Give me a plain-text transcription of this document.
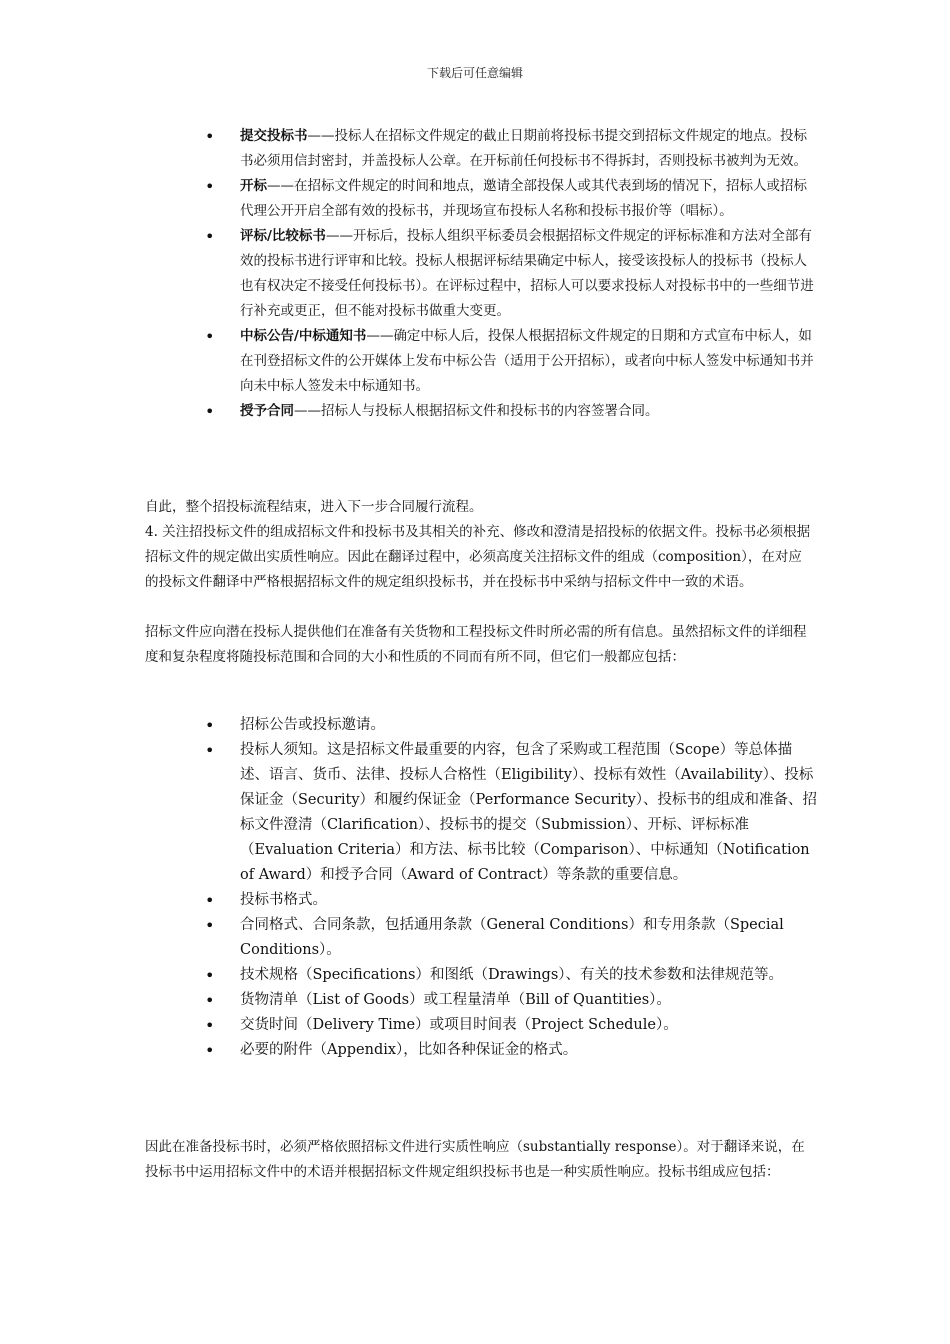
下载后可任意编辑
• 提交投标书——投标人在招标文件规定的截止日期前将投标书提交到招标文件规定的地点。投标书必须用信封密封，并盖投标人公章。在开标前任何投标书不得拆封，否则投标书被判为无效。
• 开标——在招标文件规定的时间和地点，邀请全部投保人或其代表到场的情况下，招标人或招标代理公开开启全部有效的投标书，并现场宣布投标人名称和投标书报价等（唱标）。
• 评标/比较标书——开标后，投标人组织平标委员会根据招标文件规定的评标标准和方法对全部有效的投标书进行评审和比较。投标人根据评标结果确定中标人，接受该投标人的投标书（投标人也有权决定不接受任何投标书）。在评标过程中，招标人可以要求投标人对投标书中的一些细节进行补充或更正，但不能对投标书做重大变更。
• 中标公告/中标通知书——确定中标人后，投保人根据招标文件规定的日期和方式宣布中标人，如在刊登招标文件的公开媒体上发布中标公告（适用于公开招标），或者向中标人签发中标通知书并向未中标人签发未中标通知书。
• 授予合同——招标人与投标人根据招标文件和投标书的内容签署合同。

自此，整个招投标流程结束，进入下一步合同履行流程。

4. 关注招投标文件的组成招标文件和投标书及其相关的补充、修改和澄清是招投标的依据文件。投标书必须根据招标文件的规定做出实质性响应。因此在翻译过程中，必须高度关注招标文件的组成（composition），在对应的投标文件翻译中严格根据招标文件的规定组织投标书，并在投标书中采纳与招标文件中一致的术语。

招标文件应向潜在投标人提供他们在准备有关货物和工程投标文件时所必需的所有信息。虽然招标文件的详细程度和复杂程度将随投标范围和合同的大小和性质的不同而有所不同，但它们一般都应包括：

• 招标公告或投标邀请。
• 投标人须知。这是招标文件最重要的内容，包含了采购或工程范围（Scope）等总体描述、语言、货币、法律、投标人合格性（Eligibility）、投标有效性（Availability）、投标保证金（Security）和履约保证金（Performance Security）、投标书的组成和准备、招标文件澄清（Clarification）、投标书的提交（Submission）、开标、评标标准（Evaluation Criteria）和方法、标书比较（Comparison）、中标通知（Notification of Award）和授予合同（Award of Contract）等条款的重要信息。
• 投标书格式。
• 合同格式、合同条款，包括通用条款（General Conditions）和专用条款（Special Conditions）。
• 技术规格（Specifications）和图纸（Drawings）、有关的技术参数和法律规范等。
• 货物清单（List of Goods）或工程量清单（Bill of Quantities）。
• 交货时间（Delivery Time）或项目时间表（Project Schedule）。
• 必要的附件（Appendix），比如各种保证金的格式。

因此在准备投标书时，必须严格依照招标文件进行实质性响应（substantially response）。对于翻译来说，在投标书中运用招标文件中的术语并根据招标文件规定组织投标书也是一种实质性响应。投标书组成应包括：
